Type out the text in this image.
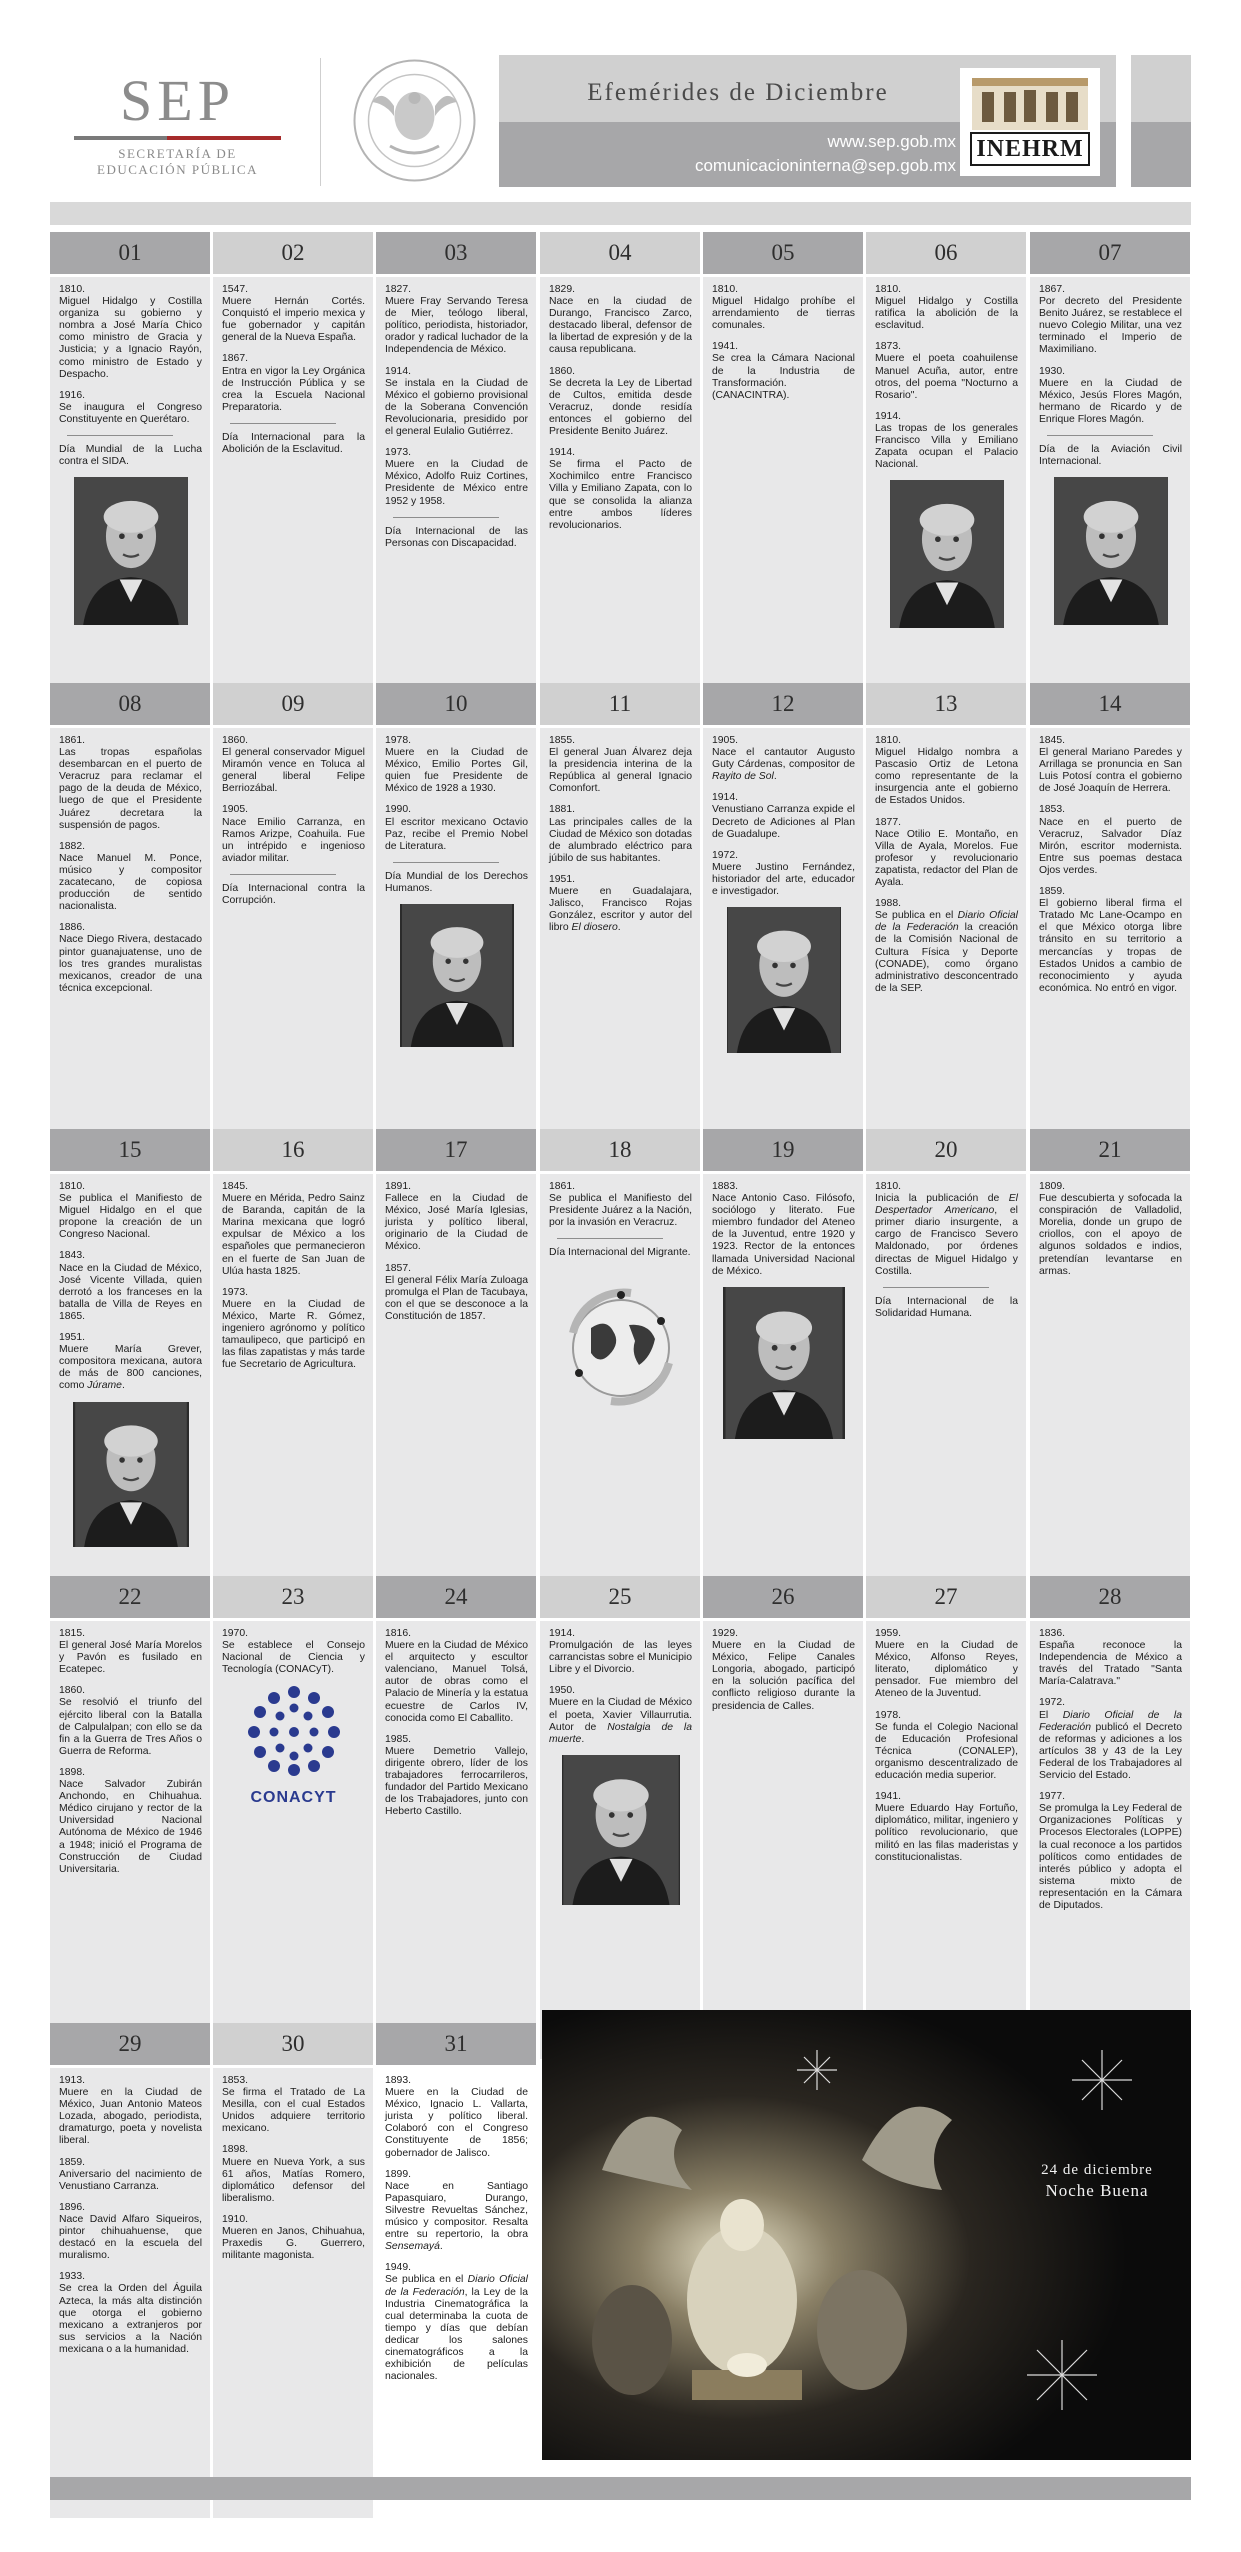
SEP
SECRETARÍA DE
EDUCACIÓN PÚBLICA
Efemérides de Diciembre
www.sep.gob.mx
comunicacioninterna@sep.gob.mx
INEHRM
01
1810.
Miguel Hidalgo y Costilla organiza su gobierno y nombra a José María Chico como ministro de Gracia y Justicia; y a Ignacio Rayón, como ministro de Estado y Despacho.
1916.
Se inaugura el Congreso Constituyente en Querétaro.
Día Mundial de la Lucha contra el SIDA.
02
1547.
Muere Hernán Cortés. Conquistó el imperio mexica y fue gobernador y capitán general de la Nueva España.
1867.
Entra en vigor la Ley Orgánica de Instrucción Pública y se crea la Escuela Nacional Preparatoria.
Día Internacional para la Abolición de la Esclavitud.
03
1827.
Muere Fray Servando Teresa de Mier, teólogo liberal, político, periodista, historiador, orador y radical luchador de la Independencia de México.
1914.
Se instala en la Ciudad de México el gobierno provisional de la Soberana Convención Revolucionaria, presidido por el general Eulalio Gutiérrez.
1973.
Muere en la Ciudad de México, Adolfo Ruiz Cortines, Presidente de México entre 1952 y 1958.
Día Internacional de las Personas con Discapacidad.
04
1829.
Nace en la ciudad de Durango, Francisco Zarco, destacado liberal, defensor de la libertad de expresión y de la causa republicana.
1860.
Se decreta la Ley de Libertad de Cultos, emitida desde Veracruz, donde residía entonces el gobierno del Presidente Benito Juárez.
1914.
Se firma el Pacto de Xochimilco entre Francisco Villa y Emiliano Zapata, con lo que se consolida la alianza entre ambos líderes revolucionarios.
05
1810.
Miguel Hidalgo prohíbe el arrendamiento de tierras comunales.
1941.
Se crea la Cámara Nacional de la Industria de Transformación. (CANACINTRA).
06
1810.
Miguel Hidalgo y Costilla ratifica la abolición de la esclavitud.
1873.
Muere el poeta coahuilense Manuel Acuña, autor, entre otros, del poema "Nocturno a Rosario".
1914.
Las tropas de los generales Francisco Villa y Emiliano Zapata ocupan el Palacio Nacional.
07
1867.
Por decreto del Presidente Benito Juárez, se restablece el nuevo Colegio Militar, una vez terminado el Imperio de Maximiliano.
1930.
Muere en la Ciudad de México, Jesús Flores Magón, hermano de Ricardo y de Enrique Flores Magón.
Día de la Aviación Civil Internacional.
08
1861.
Las tropas españolas desembarcan en el puerto de Veracruz para reclamar el pago de la deuda de México, luego de que el Presidente Juárez decretara la suspensión de pagos.
1882.
Nace Manuel M. Ponce, músico y compositor zacatecano, de copiosa producción de sentido nacionalista.
1886.
Nace Diego Rivera, destacado pintor guanajuatense, uno de los tres grandes muralistas mexicanos, creador de una técnica excepcional.
09
1860.
El general conservador Miguel Miramón vence en Toluca al general liberal Felipe Berriozábal.
1905.
Nace Emilio Carranza, en Ramos Arizpe, Coahuila. Fue un intrépido e ingenioso aviador militar.
Día Internacional contra la Corrupción.
10
1978.
Muere en la Ciudad de México, Emilio Portes Gil, quien fue Presidente de México de 1928 a 1930.
1990.
El escritor mexicano Octavio Paz, recibe el Premio Nobel de Literatura.
Día Mundial de los Derechos Humanos.
11
1855.
El general Juan Álvarez deja la presidencia interina de la República al general Ignacio Comonfort.
1881.
Las principales calles de la Ciudad de México son dotadas de alumbrado eléctrico para júbilo de sus habitantes.
1951.
Muere en Guadalajara, Jalisco, Francisco Rojas González, escritor y autor del libro El diosero.
12
1905.
Nace el cantautor Augusto Guty Cárdenas, compositor de Rayito de Sol.
1914.
Venustiano Carranza expide el Decreto de Adiciones al Plan de Guadalupe.
1972.
Muere Justino Fernández, historiador del arte, educador e investigador.
13
1810.
Miguel Hidalgo nombra a Pascasio Ortiz de Letona como representante de la insurgencia ante el gobierno de Estados Unidos.
1877.
Nace Otilio E. Montaño, en Villa de Ayala, Morelos. Fue profesor y revolucionario zapatista, redactor del Plan de Ayala.
1988.
Se publica en el Diario Oficial de la Federación la creación de la Comisión Nacional de Cultura Física y Deporte (CONADE), como órgano administrativo desconcentrado de la SEP.
14
1845.
El general Mariano Paredes y Arrillaga se pronuncia en San Luis Potosí contra el gobierno de José Joaquín de Herrera.
1853.
Nace en el puerto de Veracruz, Salvador Díaz Mirón, escritor modernista. Entre sus poemas destaca Ojos verdes.
1859.
El gobierno liberal firma el Tratado Mc Lane-Ocampo en el que México otorga libre tránsito en su territorio a mercancías y tropas de Estados Unidos a cambio de reconocimiento y ayuda económica. No entró en vigor.
15
1810.
Se publica el Manifiesto de Miguel Hidalgo en el que propone la creación de un Congreso Nacional.
1843.
Nace en la Ciudad de México, José Vicente Villada, quien derrotó a los franceses en la batalla de Villa de Reyes en 1865.
1951.
Muere María Grever, compositora mexicana, autora de más de 800 canciones, como Júrame.
16
1845.
Muere en Mérida, Pedro Sainz de Baranda, capitán de la Marina mexicana que logró expulsar de México a los españoles que permanecieron en el fuerte de San Juan de Ulúa hasta 1825.
1973.
Muere en la Ciudad de México, Marte R. Gómez, ingeniero agrónomo y político tamaulipeco, que participó en las filas zapatistas y más tarde fue Secretario de Agricultura.
17
1891.
Fallece en la Ciudad de México, José María Iglesias, jurista y político liberal, originario de la Ciudad de México.
1857.
El general Félix María Zuloaga promulga el Plan de Tacubaya, con el que se desconoce a la Constitución de 1857.
18
1861.
Se publica el Manifiesto del Presidente Juárez a la Nación, por la invasión en Veracruz.
Día Internacional del Migrante.
19
1883.
Nace Antonio Caso. Filósofo, sociólogo y literato. Fue miembro fundador del Ateneo de la Juventud, entre 1920 y 1923. Rector de la entonces llamada Universidad Nacional de México.
20
1810.
Inicia la publicación de El Despertador Americano, el primer diario insurgente, a cargo de Francisco Severo Maldonado, por órdenes directas de Miguel Hidalgo y Costilla.
Día Internacional de la Solidaridad Humana.
21
1809.
Fue descubierta y sofocada la conspiración de Valladolid, Morelia, donde un grupo de criollos, con el apoyo de algunos soldados e indios, pretendían levantarse en armas.
22
1815.
El general José María Morelos y Pavón es fusilado en Ecatepec.
1860.
Se resolvió el triunfo del ejército liberal con la Batalla de Calpulalpan; con ello se da fin a la Guerra de Tres Años o Guerra de Reforma.
1898.
Nace Salvador Zubirán Anchondo, en Chihuahua. Médico cirujano y rector de la Universidad Nacional Autónoma de México de 1946 a 1948; inició el Programa de Construcción de Ciudad Universitaria.
23
1970.
Se establece el Consejo Nacional de Ciencia y Tecnología (CONACyT).
CONACYT
24
1816.
Muere en la Ciudad de México el arquitecto y escultor valenciano, Manuel Tolsá, autor de obras como el Palacio de Minería y la estatua ecuestre de Carlos IV, conocida como El Caballito.
1985.
Muere Demetrio Vallejo, dirigente obrero, líder de los trabajadores ferrocarrileros, fundador del Partido Mexicano de los Trabajadores, junto con Heberto Castillo.
25
1914.
Promulgación de las leyes carrancistas sobre el Municipio Libre y el Divorcio.
1950.
Muere en la Ciudad de México el poeta, Xavier Villaurrutia. Autor de Nostalgia de la muerte.
26
1929.
Muere en la Ciudad de México, Felipe Canales Longoria, abogado, participó en la solución pacífica del conflicto religioso durante la presidencia de Calles.
27
1959.
Muere en la Ciudad de México, Alfonso Reyes, literato, diplomático y pensador. Fue miembro del Ateneo de la Juventud.
1978.
Se funda el Colegio Nacional de Educación Profesional Técnica (CONALEP), organismo descentralizado de educación media superior.
1941.
Muere Eduardo Hay Fortuño, diplomático, militar, ingeniero y político revolucionario, que militó en las filas maderistas y constitucionalistas.
28
1836.
España reconoce la Independencia de México a través del Tratado "Santa María-Calatrava."
1972.
El Diario Oficial de la Federación publicó el Decreto de reformas y adiciones a los artículos 38 y 43 de la Ley Federal de los Trabajadores al Servicio del Estado.
1977.
Se promulga la Ley Federal de Organizaciones Políticas y Procesos Electorales (LOPPE) la cual reconoce a los partidos políticos como entidades de interés público y adopta el sistema mixto de representación en la Cámara de Diputados.
29
1913.
Muere en la Ciudad de México, Juan Antonio Mateos Lozada, abogado, periodista, dramaturgo, poeta y novelista liberal.
1859.
Aniversario del nacimiento de Venustiano Carranza.
1896.
Nace David Alfaro Siqueiros, pintor chihuahuense, que destacó en la escuela del muralismo.
1933.
Se crea la Orden del Águila Azteca, la más alta distinción que otorga el gobierno mexicano a extranjeros por sus servicios a la Nación mexicana o a la humanidad.
30
1853.
Se firma el Tratado de La Mesilla, con el cual Estados Unidos adquiere territorio mexicano.
1898.
Muere en Nueva York, a sus 61 años, Matías Romero, diplomático defensor del liberalismo.
1910.
Mueren en Janos, Chihuahua, Praxedis G. Guerrero, militante magonista.
31
1893.
Muere en la Ciudad de México, Ignacio L. Vallarta, jurista y político liberal. Colaboró con el Congreso Constituyente de 1856; gobernador de Jalisco.
1899.
Nace en Santiago Papasquiaro, Durango, Silvestre Revueltas Sánchez, músico y compositor. Resalta entre su repertorio, la obra Sensemayá.
1949.
Se publica en el Diario Oficial de la Federación, la Ley de la Industria Cinematográfica la cual determinaba la cuota de tiempo y días que debían dedicar los salones cinematográficos a la exhibición de películas nacionales.
24 de diciembre
Noche Buena
